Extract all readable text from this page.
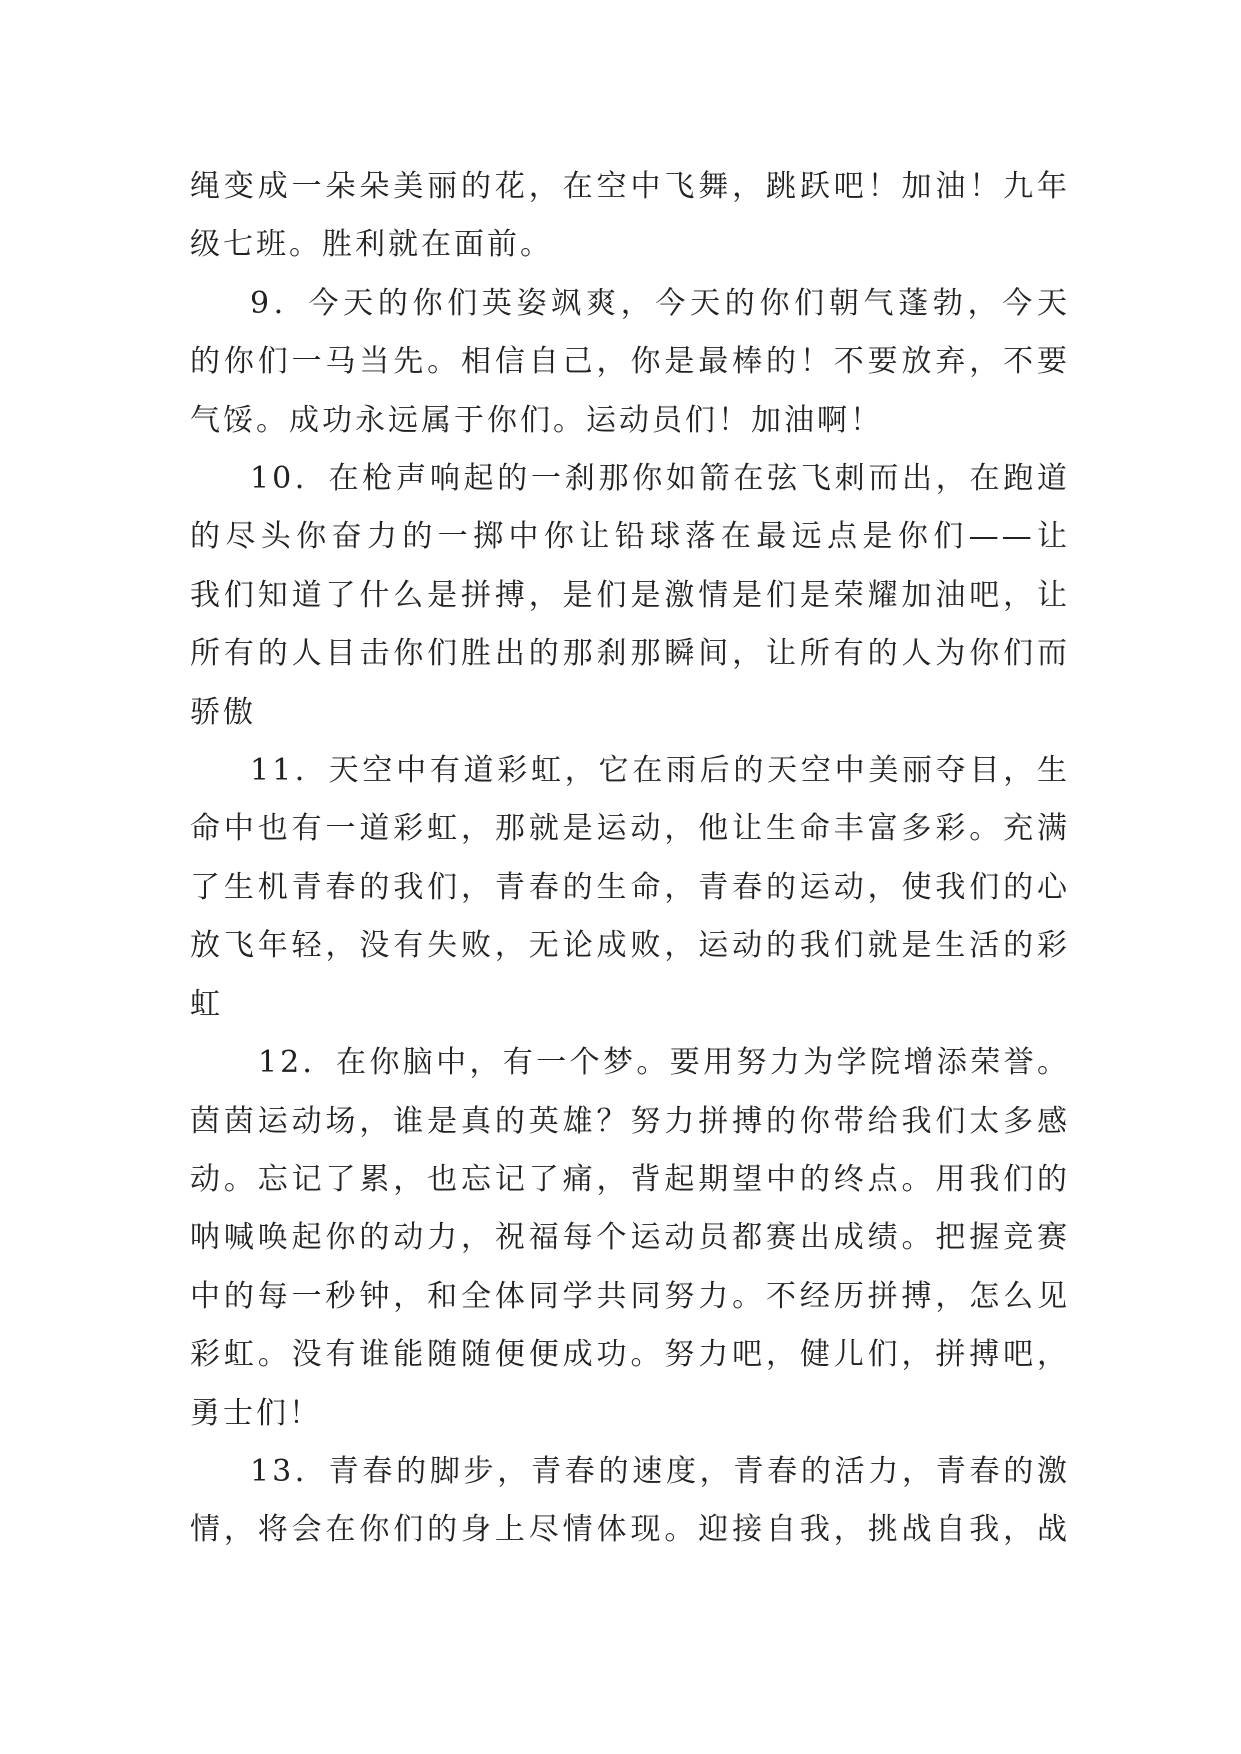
绳变成一朵朵美丽的花，在空中飞舞，跳跃吧！加油！九年
级七班。胜利就在面前。

9．今天的你们英姿飒爽，今天的你们朝气蓬勃，今天
的你们一马当先。相信自己，你是最棒的！不要放弃，不要
气馁。成功永远属于你们。运动员们！加油啊！

10．在枪声响起的一刹那你如箭在弦飞刺而出，在跑道
的尽头你奋力的一掷中你让铅球落在最远点是你们——让
我们知道了什么是拼搏，是们是激情是们是荣耀加油吧，让
所有的人目击你们胜出的那刹那瞬间，让所有的人为你们而
骄傲

11．天空中有道彩虹，它在雨后的天空中美丽夺目，生
命中也有一道彩虹，那就是运动，他让生命丰富多彩。充满
了生机青春的我们，青春的生命，青春的运动，使我们的心
放飞年轻，没有失败，无论成败，运动的我们就是生活的彩
虹

12．在你脑中，有一个梦。要用努力为学院增添荣誉。
茵茵运动场，谁是真的英雄？努力拼搏的你带给我们太多感
动。忘记了累，也忘记了痛，背起期望中的终点。用我们的
呐喊唤起你的动力，祝福每个运动员都赛出成绩。把握竞赛
中的每一秒钟，和全体同学共同努力。不经历拼搏，怎么见
彩虹。没有谁能随随便便成功。努力吧，健儿们，拼搏吧，
勇士们！

13．青春的脚步，青春的速度，青春的活力，青春的激
情，将会在你们的身上尽情体现。迎接自我，挑战自我，战
